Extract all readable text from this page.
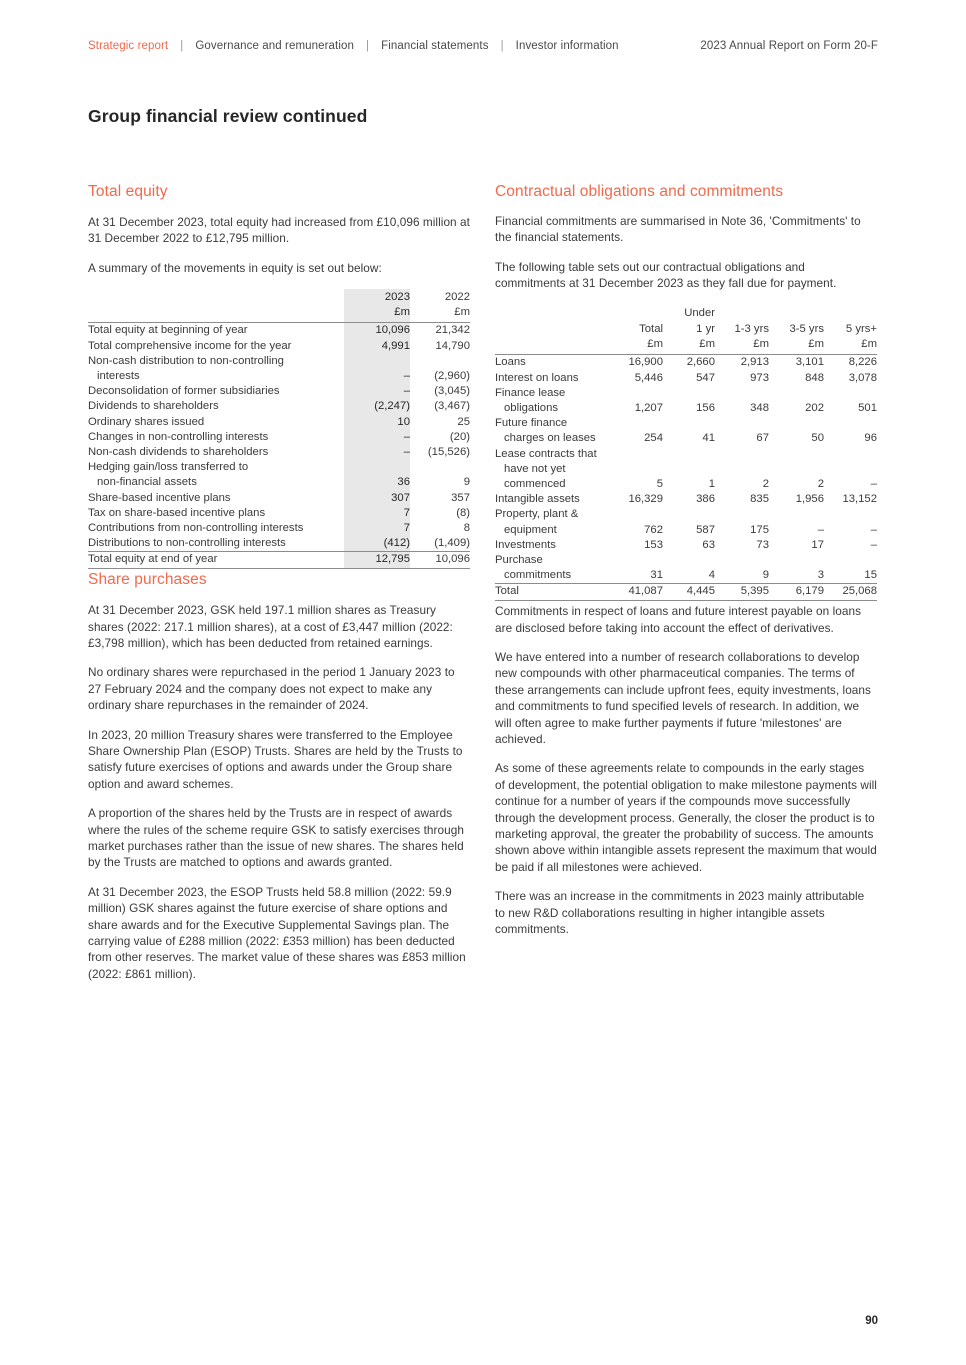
Strategic report	|	Governance and remuneration	|	Financial statements	|	Investor information	2023 Annual Report on Form 20-F
Group financial review continued
Total equity

At 31 December 2023, total equity had increased from £10,096 million at 31 December 2022 to £12,795 million.

A summary of the movements in equity is set out below:

	2023	2022
	£m	£m
Total equity at beginning of year	10,096	21,342
Total comprehensive income for the year	4,991	14,790
Non-cash distribution to non-controlling
interests	–	(2,960)
Deconsolidation of former subsidiaries	–	(3,045)
Dividends to shareholders	(2,247)	(3,467)
Ordinary shares issued	10	25
Changes in non-controlling interests	–	(20)
Non-cash dividends to shareholders	–	(15,526)
Hedging gain/loss transferred to
non-financial assets	36	9
Share-based incentive plans	307	357
Tax on share-based incentive plans	7	(8)
Contributions from non-controlling interests	7	8
Distributions to non-controlling interests	(412)	(1,409)
Total equity at end of year	12,795	10,096

Share purchases

At 31 December 2023, GSK held 197.1 million shares as Treasury shares (2022: 217.1 million shares), at a cost of £3,447 million (2022: £3,798 million), which has been deducted from retained earnings.

No ordinary shares were repurchased in the period 1 January 2023 to 27 February 2024 and the company does not expect to make any ordinary share repurchases in the remainder of 2024.

In 2023, 20 million Treasury shares were transferred to the Employee Share Ownership Plan (ESOP) Trusts. Shares are held by the Trusts to satisfy future exercises of options and awards under the Group share option and award schemes.

A proportion of the shares held by the Trusts are in respect of awards where the rules of the scheme require GSK to satisfy exercises through market purchases rather than the issue of new shares. The shares held by the Trusts are matched to options and awards granted.

At 31 December 2023, the ESOP Trusts held 58.8 million (2022: 59.9 million) GSK shares against the future exercise of share options and share awards and for the Executive Supplemental Savings plan. The carrying value of £288 million (2022: £353 million) has been deducted from other reserves. The market value of these shares was £853 million (2022: £861 million).

Contractual obligations and commitments

Financial commitments are summarised in Note 36, 'Commitments' to the financial statements.

The following table sets out our contractual obligations and commitments at 31 December 2023 as they fall due for payment.

		Under			
	Total	1 yr	1-3 yrs	3-5 yrs	5 yrs+
	£m	£m	£m	£m	£m
Loans	16,900	2,660	2,913	3,101	8,226
Interest on loans	5,446	547	973	848	3,078
Finance lease
obligations	1,207	156	348	202	501
Future finance
charges on leases	254	41	67	50	96
Lease contracts that
have not yet
commenced	5	1	2	2	–
Intangible assets	16,329	386	835	1,956	13,152
Property, plant &
equipment	762	587	175	–	–
Investments	153	63	73	17	–
Purchase
commitments	31	4	9	3	15
Total	41,087	4,445	5,395	6,179	25,068

Commitments in respect of loans and future interest payable on loans are disclosed before taking into account the effect of derivatives.

We have entered into a number of research collaborations to develop new compounds with other pharmaceutical companies. The terms of these arrangements can include upfront fees, equity investments, loans and commitments to fund specified levels of research. In addition, we will often agree to make further payments if future 'milestones' are achieved.

As some of these agreements relate to compounds in the early stages of development, the potential obligation to make milestone payments will continue for a number of years if the compounds move successfully through the development process. Generally, the closer the product is to marketing approval, the greater the probability of success. The amounts shown above within intangible assets represent the maximum that would be paid if all milestones were achieved.

There was an increase in the commitments in 2023 mainly attributable to new R&D collaborations resulting in higher intangible assets commitments.

90
